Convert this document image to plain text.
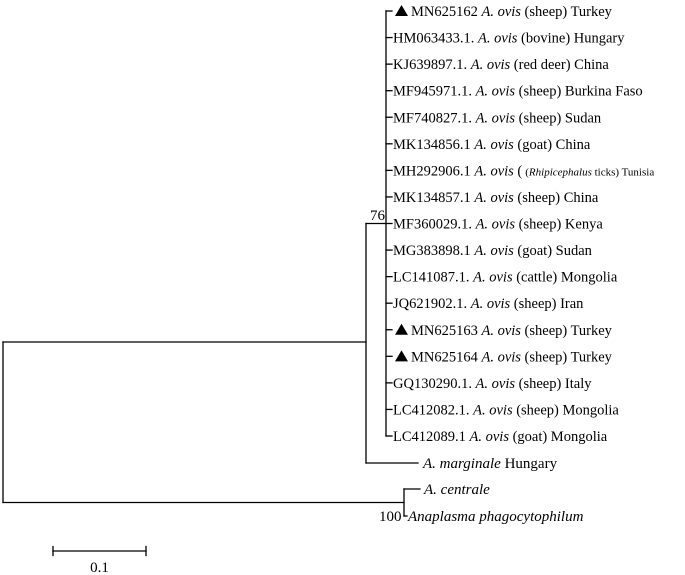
MN625162 A. ovis (sheep) Turkey
HM063433.1. A. ovis (bovine) Hungary
KJ639897.1. A. ovis (red deer) China
MF945971.1. A. ovis (sheep) Burkina Faso
MF740827.1. A. ovis (sheep) Sudan
MK134856.1 A. ovis (goat) China
MH292906.1 A. ovis ( (Rhipicephalus ticks) Tunisia
MK134857.1 A. ovis (sheep) China
MF360029.1. A. ovis (sheep) Kenya
MG383898.1 A. ovis (goat) Sudan
LC141087.1. A. ovis (cattle) Mongolia
JQ621902.1. A. ovis (sheep) Iran
MN625163 A. ovis (sheep) Turkey
MN625164 A. ovis (sheep) Turkey
GQ130290.1. A. ovis (sheep) Italy
LC412082.1. A. ovis (sheep) Mongolia
LC412089.1 A. ovis (goat) Mongolia
76
100
A. marginale Hungary
A. centrale
Anaplasma phagocytophilum
0.1
